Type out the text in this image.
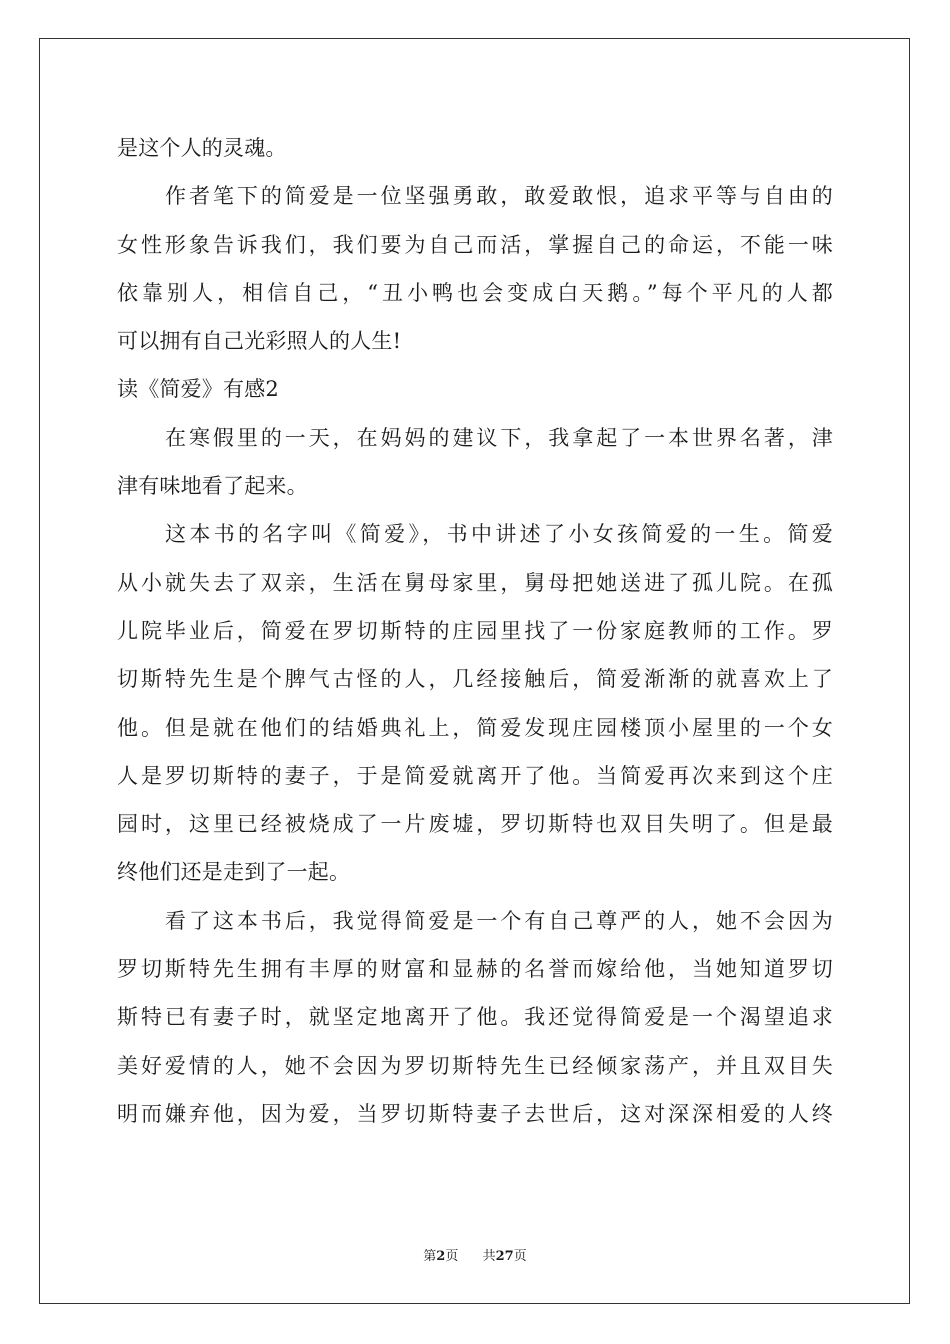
是这个人的灵魂。
作者笔下的简爱是一位坚强勇敢，敢爱敢恨，追求平等与自由的
女性形象告诉我们，我们要为自己而活，掌握自己的命运，不能一味
依靠别人，相信自己，“丑小鸭也会变成白天鹅。”每个平凡的人都
可以拥有自己光彩照人的人生!
读《简爱》有感2
在寒假里的一天，在妈妈的建议下，我拿起了一本世界名著，津
津有味地看了起来。
这本书的名字叫《简爱》，书中讲述了小女孩简爱的一生。简爱
从小就失去了双亲，生活在舅母家里，舅母把她送进了孤儿院。在孤
儿院毕业后，简爱在罗切斯特的庄园里找了一份家庭教师的工作。罗
切斯特先生是个脾气古怪的人，几经接触后，简爱渐渐的就喜欢上了
他。但是就在他们的结婚典礼上，简爱发现庄园楼顶小屋里的一个女
人是罗切斯特的妻子，于是简爱就离开了他。当简爱再次来到这个庄
园时，这里已经被烧成了一片废墟，罗切斯特也双目失明了。但是最
终他们还是走到了一起。
看了这本书后，我觉得简爱是一个有自己尊严的人，她不会因为
罗切斯特先生拥有丰厚的财富和显赫的名誉而嫁给他，当她知道罗切
斯特已有妻子时，就坚定地离开了他。我还觉得简爱是一个渴望追求
美好爱情的人，她不会因为罗切斯特先生已经倾家荡产，并且双目失
明而嫌弃他，因为爱，当罗切斯特妻子去世后，这对深深相爱的人终
第2页 共27页
